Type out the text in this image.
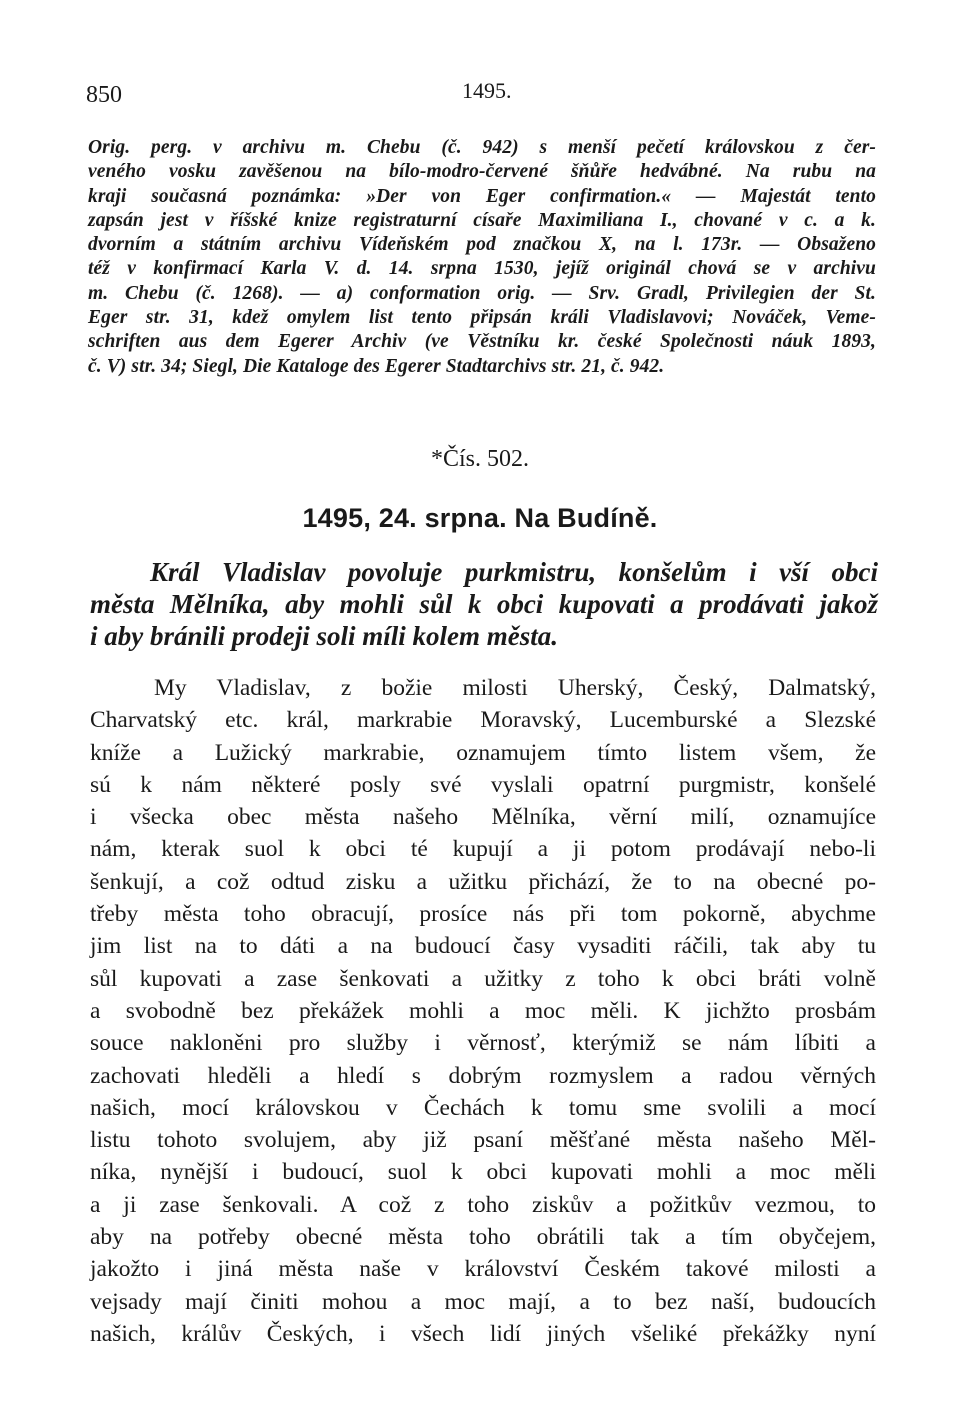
850	1495.
Orig. perg. v archivu m. Chebu (č. 942) s menší pečetí královskou z čer-
veného vosku zavěšenou na bílo-modro-červené šňůře hedvábné. Na rubu na
kraji současná poznámka: »Der von Eger confirmation.« — Majestát tento
zapsán jest v říšské knize registraturní císaře Maximiliana I., chované v c. a k.
dvorním a státním archivu Vídeňském pod značkou X, na l. 173r. — Obsaženo
též v konfirmací Karla V. d. 14. srpna 1530, jejíž originál chová se v archivu
m. Chebu (č. 1268). — a) conformation orig. — Srv. Gradl, Privilegien der St.
Eger str. 31, kdež omylem list tento připsán králi Vladislavovi; Nováček, Veme-
schriften aus dem Egerer Archiv (ve Věstníku kr. české Společnosti náuk 1893,
č. V) str. 34; Siegl, Die Kataloge des Egerer Stadtarchivs str. 21, č. 942.
*Čís. 502.
1495, 24. srpna. Na Budíně.
Král Vladislav povoluje purkmistru, konšelům i vší obci
města Mělníka, aby mohli sůl k obci kupovati a prodávati jakož
i aby bránili prodeji soli míli kolem města.
My Vladislav, z božie milosti Uherský, Český, Dalmatský,
Charvatský etc. král, markrabie Moravský, Lucemburské a Slezské
kníže a Lužický markrabie, oznamujem tímto listem všem, že
sú k nám některé posly své vyslali opatrní purgmistr, konšelé
i všecka obec města našeho Mělníka, věrní milí, oznamujíce
nám, kterak suol k obci té kupují a ji potom prodávají nebo-li
šenkují, a což odtud zisku a užitku přichází, že to na obecné po-
třeby města toho obracují, prosíce nás při tom pokorně, abychme
jim list na to dáti a na budoucí časy vysaditi ráčili, tak aby tu
sůl kupovati a zase šenkovati a užitky z toho k obci bráti volně
a svobodně bez překážek mohli a moc měli. K jichžto prosbám
souce nakloněni pro služby i věrnosť, kterýmiž se nám líbiti a
zachovati hleděli a hledí s dobrým rozmyslem a radou věrných
našich, mocí královskou v Čechách k tomu sme svolili a mocí
listu tohoto svolujem, aby již psaní měšťané města našeho Měl-
níka, nynější i budoucí, suol k obci kupovati mohli a moc měli
a ji zase šenkovali. A což z toho ziskův a požitkův vezmou, to
aby na potřeby obecné města toho obrátili tak a tím obyčejem,
jakožto i jiná města naše v království Českém takové milosti a
vejsady mají činiti mohou a moc mají, a to bez naší, budoucích
našich, králův Českých, i všech lidí jiných všeliké překážky nyní
